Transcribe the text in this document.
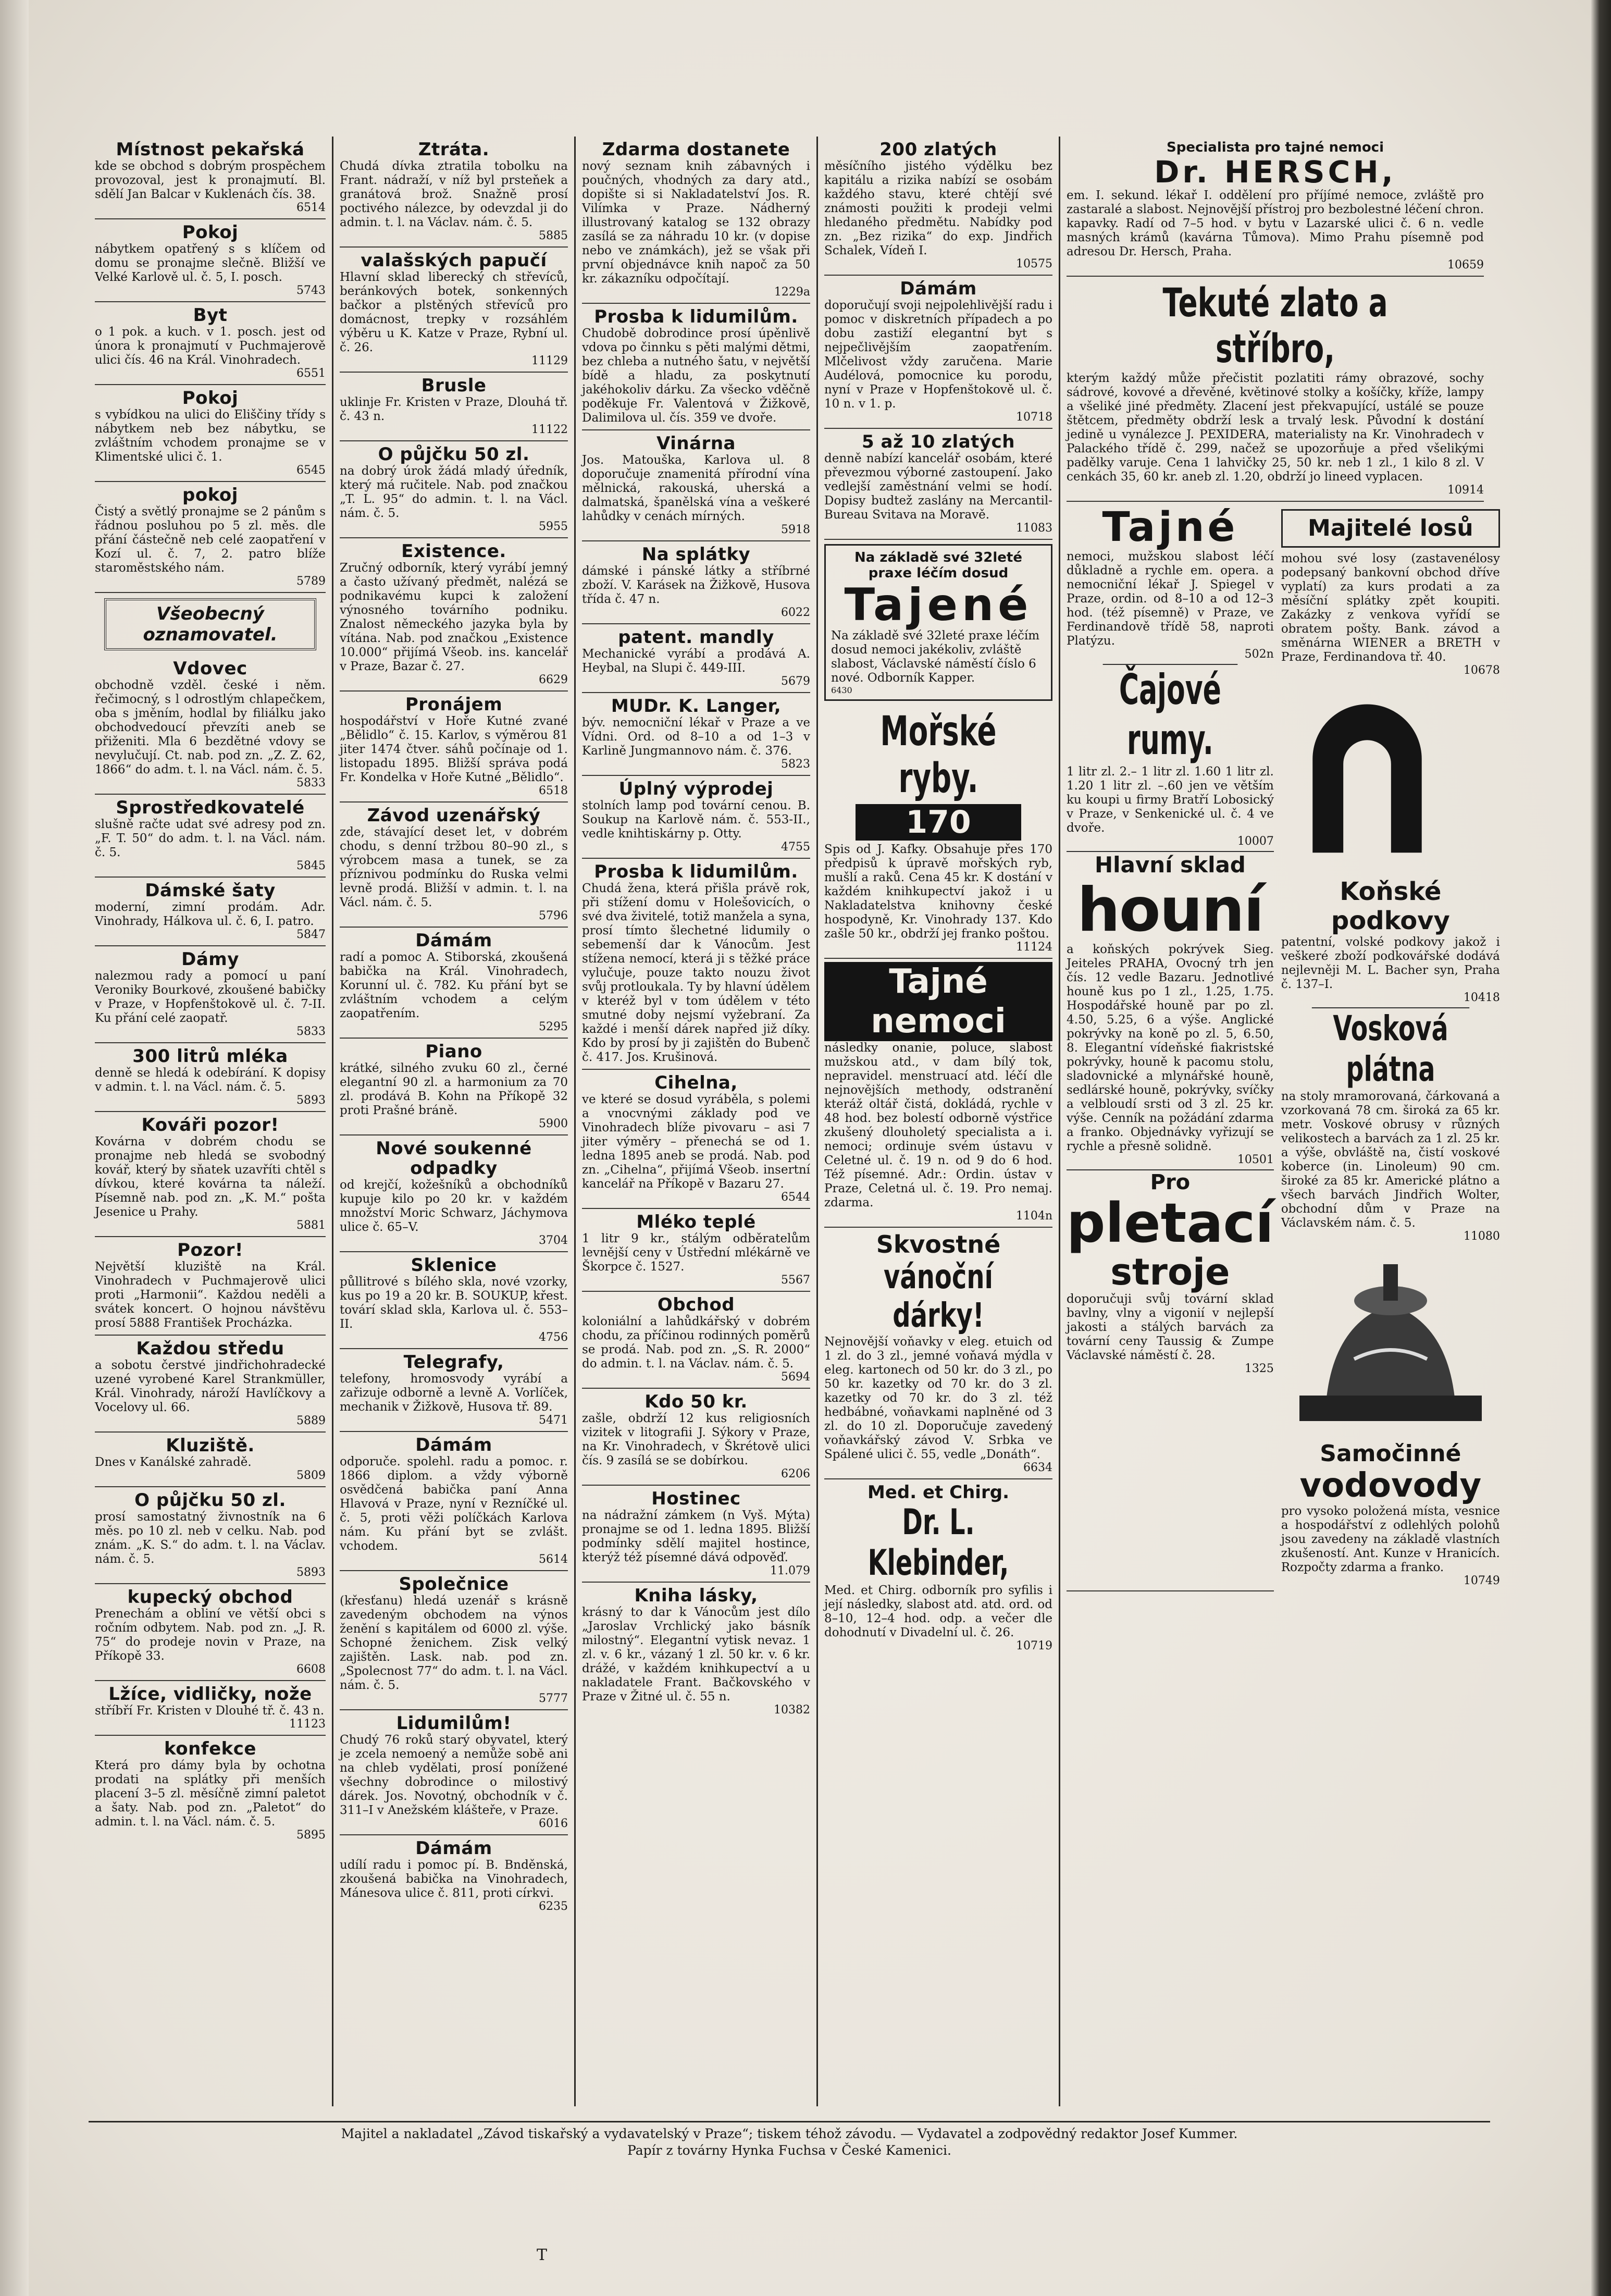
Místnost pekařská

kde se obchod s dobrým prospěchem provozoval, jest k pronajmutí. Bl. sdělí Jan Balcar v Kuklenách čís. 38.

6514
Pokoj

nábytkem opatřený s s klíčem od domu se pronajme slečně. Bližší ve Velké Karlově ul. č. 5, I. posch.

5743
Byt

o 1 pok. a kuch. v 1. posch. jest od února k pronajmutí v Puchmajerově ulici čís. 46 na Král. Vinohradech.

6551
Pokoj

s vybídkou na ulici do Eliščiny třídy s nábytkem neb bez nábytku, se zvláštním vchodem pronajme se v Klimentské ulici č. 1.

6545
pokoj

Čistý a světlý pronajme se 2 pánům s řádnou posluhou po 5 zl. měs. dle přání částečně neb celé zaopatření v Kozí ul. č. 7, 2. patro blíže staroměstského nám.

5789
Všeobecný oznamovatel.
Vdovec

obchodně vzděl. české i něm. řečimocný, s l odrostlým chlapečkem, oba s jměním, hodlal by filiálku jako obchodvedoucí převzíti aneb se přiženiti. Mla 6 bezdětné vdovy se nevylučují. Ct. nab. pod zn. „Z. Z. 62, 1866“ do adm. t. l. na Václ. nám. č. 5.

5833
Sprostředkovatelé

slušně račte udat své adresy pod zn. „F. T. 50“ do adm. t. l. na Václ. nám. č. 5.

5845
Dámské šaty

moderní, zimní prodám. Adr. Vinohrady, Hálkova ul. č. 6, I. patro.

5847
Dámy

nalezmou rady a pomocí u paní Veroniky Bourkové, zkoušené babičky v Praze, v Hopfenštokově ul. č. 7-II. Ku přání celé zaopatř.

5833
300 litrů mléka

denně se hledá k odebírání. K dopisy v admin. t. l. na Václ. nám. č. 5.

5893
Kováři pozor!

Kovárna v dobrém chodu se pronajme neb hledá se svobodný kovář, který by sňatek uzavříti chtěl s dívkou, které kovárna ta náleží. Písemně nab. pod zn. „K. M.“ pošta Jesenice u Prahy.

5881
Pozor!

Největší kluziště na Král. Vinohradech v Puchmajerově ulici proti „Harmonii“. Každou neděli a svátek koncert. O hojnou návštěvu prosí 5888 František Procházka.

Každou středu

a sobotu čerstvé jindřichohradecké uzené vyrobené Karel Strankmüller, Král. Vinohrady, nároží Havlíčkovy a Vocelovy ul. 66.

5889
Kluziště.

Dnes v Kanálské zahradě.

5809
O půjčku 50 zl.

prosí samostatný živnostník na 6 měs. po 10 zl. neb v celku. Nab. pod znám. „K. S.“ do adm. t. l. na Václav. nám. č. 5.

5893
kupecký obchod

Prenechám a obliní ve větší obci s ročním odbytem. Nab. pod zn. „J. R. 75“ do prodeje novin v Praze, na Příkopě 33.

6608
Lžíce, vidličky, nože

stříbří Fr. Kristen v Dlouhé tř. č. 43 n.

11123
konfekce

Která pro dámy byla by ochotna prodati na splátky při menších placení 3–5 zl. měsíčně zimní paletot a šaty. Nab. pod zn. „Paletot“ do admin. t. l. na Václ. nám. č. 5.

5895
Ztráta.

Chudá dívka ztratila tobolku na Frant. nádraží, v níž byl prsteňek a granátová brož. Snažně prosí poctivého nálezce, by odevzdal ji do admin. t. l. na Václav. nám. č. 5.

5885
valašských papučí

Hlavní sklad liberecký ch střevíců, beránkových botek, sonkenných bačkor a plstěných střevíců pro domácnost, trepky v rozsáhlém výběru u K. Katze v Praze, Rybní ul. č. 26.

11129
Brusle

uklinje Fr. Kristen v Praze, Dlouhá tř. č. 43 n.

11122
O půjčku 50 zl.

na dobrý úrok žádá mladý úředník, který má ručitele. Nab. pod značkou „T. L. 95“ do admin. t. l. na Václ. nám. č. 5.

5955
Existence.

Zručný odborník, který vyrábí jemný a často užívaný předmět, nalézá se podnikavému kupci k založení výnosného továrního podniku. Znalost německého jazyka byla by vítána. Nab. pod značkou „Existence 10.000“ přijímá Všeob. ins. kancelář v Praze, Bazar č. 27.

6629
Pronájem

hospodářství v Hoře Kutné zvané „Bělidlo“ č. 15. Karlov, s výměrou 81 jiter 1474 čtver. sáhů počínaje od 1. listopadu 1895. Bližší správa podá Fr. Kondelka v Hoře Kutné „Bělidlo“.

6518
Závod uzenářský

zde, stávající deset let, v dobrém chodu, s denní tržbou 80–90 zl., s výrobcem masa a tunek, se za příznivou podmínku do Ruska velmi levně prodá. Bližší v admin. t. l. na Václ. nám. č. 5.

5796
Dámám

radí a pomoc A. Stiborská, zkoušená babička na Král. Vinohradech, Korunní ul. č. 782. Ku přání byt se zvláštním vchodem a celým zaopatřením.

5295
Piano

krátké, silného zvuku 60 zl., černé elegantní 90 zl. a harmonium za 70 zl. prodává B. Kohn na Příkopě 32 proti Prašné bráně.

5900
Nové soukenné odpadky

od krejčí, kožešníků a obchodníků kupuje kilo po 20 kr. v každém množství Moric Schwarz, Jáchymova ulice č. 65–V.

3704
Sklenice

půllitrové s bílého skla, nové vzorky, kus po 19 a 20 kr. B. SOUKUP, křest. továrí sklad skla, Karlova ul. č. 553–II.

4756
Telegrafy,

telefony, hromosvody vyrábí a zařizuje odborně a levně A. Vorlíček, mechanik v Žižkově, Husova tř. 89.

5471
Dámám

odporuče. spolehl. radu a pomoc. r. 1866 diplom. a vždy výborně osvědčená babička paní Anna Hlavová v Praze, nyní v Rezníčké ul. č. 5, proti věži políčkách Karlova nám. Ku přání byt se zvlášt. vchodem.

5614
Společnice

(křesťanu) hledá uzenář s krásně zavedeným obchodem na výnos ženění s kapitálem od 6000 zl. výše. Schopné ženichem. Zisk velký zajištěn. Lask. nab. pod zn. „Spolecnost 77“ do adm. t. l. na Václ. nám. č. 5.

5777
Lidumilům!

Chudý 76 roků starý obyvatel, který je zcela nemoený a nemůže sobě ani na chleb vydělati, prosí ponížené všechny dobrodince o milostivý dárek. Jos. Novotný, obchodník v č. 311–I v Anežském klášteře, v Praze.

6016
Dámám

udílí radu i pomoc pí. B. Bnděnská, zkoušená babička na Vinohradech, Mánesova ulice č. 811, proti církvi.

6235
Zdarma dostanete

nový seznam knih zábavných i poučných, vhodných za dary atd., dopište si si Nakladatelství Jos. R. Vilímka v Praze. Nádherný illustrovaný katalog se 132 obrazy zasílá se za náhradu 10 kr. (v dopise nebo ve známkách), jež se však při první objednávce knih napoč za 50 kr. zákazníku odpočítají.

1229a
Prosba k lidumilům.

Chudobě dobrodince prosí úpěnlivě vdova po činnku s pěti malými dětmi, bez chleba a nutného šatu, v největší bídě a hladu, za poskytnutí jakéhokoliv dárku. Za všecko vděčně poděkuje Fr. Valentová v Žižkově, Dalimilova ul. čís. 359 ve dvoře.

Vinárna

Jos. Matouška, Karlova ul. 8 doporučuje znamenitá přírodní vína mělnická, rakouská, uherská a dalmatská, španělská vína a veškeré lahůdky v cenách mírných.

5918
Na splátky

dámské i pánské látky a stříbrné zboží. V. Karásek na Žižkově, Husova třída č. 47 n.

6022
patent. mandly

Mechanické vyrábí a prodává A. Heybal, na Slupi č. 449-III.

5679
MUDr. K. Langer,

býv. nemocniční lékař v Praze a ve Vídni. Ord. od 8–10 a od 1–3 v Karlině Jungmannovo nám. č. 376.

5823
Úplný výprodej

stolních lamp pod tovární cenou. B. Soukup na Karlově nám. č. 553-II., vedle knihtiskárny p. Otty.

4755
Prosba k lidumilům.

Chudá žena, která přišla právě rok, při stížení domu v Holešovicích, o své dva živitelé, totiž manžela a syna, prosí tímto šlechetné lidumily o sebemenší dar k Vánocům. Jest stížena nemocí, která ji s těžké práce vylučuje, pouze takto nouzu život svůj protloukala. Ty by hlavní údělem v kteréž byl v tom údělem v této smutné doby nejsmí vyžebraní. Za každé i menší dárek napřed již díky. Kdo by prosí by ji zajištěn do Bubenč č. 417. Jos. Krušinová.

Cihelna,

ve které se dosud vyráběla, s polemi a vnocvnými základy pod ve Vinohradech blíže pivovaru – asi 7 jiter výměry – přenechá se od 1. ledna 1895 aneb se prodá. Nab. pod zn. „Cihelna“, přijímá Všeob. insertní kancelář na Příkopě v Bazaru 27.

6544
Mléko teplé

1 litr 9 kr., stálým odběratelům levnější ceny v Ústřední mlékárně ve Škorpce č. 1527.

5567
Obchod

koloniální a lahůdkářský v dobrém chodu, za příčinou rodinných poměrů se prodá. Nab. pod zn. „S. R. 2000“ do admin. t. l. na Václav. nám. č. 5.

5694
Kdo 50 kr.

zašle, obdrží 12 kus religiosních vizitek v litografii J. Sýkory v Praze, na Kr. Vinohradech, v Škrétově ulici čís. 9 zasílá se se dobírkou.

6206
Hostinec

na nádražní zámkem (n Vyš. Mýta) pronajme se od 1. ledna 1895. Bližší podmínky sdělí majitel hostince, kterýž též písemné dává odpověď.

11.079
Kniha lásky,

krásný to dar k Vánocům jest dílo „Jaroslav Vrchlický jako básník milostný“. Elegantní vytisk nevaz. 1 zl. v. 6 kr., vázaný 1 zl. 50 kr. v. 6 kr. drážé, v každém knihkupectví a u nakladatele Frant. Bačkovského v Praze v Žitné ul. č. 55 n.

10382
200 zlatých

měsíčního jistého výdělku bez kapitálu a rizika nabízí se osobám každého stavu, které chtějí své známosti použiti k prodeji velmi hledaného předmětu. Nabídky pod zn. „Bez rizika“ do exp. Jindřich Schalek, Vídeň I.

10575
Dámám

doporučují svoji nejpolehlivější radu i pomoc v diskretních případech a po dobu zastiží elegantní byt s nejpečlivějším zaopatřením. Mlčelivost vždy zaručena. Marie Audélová, pomocnice ku porodu, nyní v Praze v Hopfenštokově ul. č. 10 n. v 1. p.

10718
5 až 10 zlatých

denně nabízí kancelář osobám, které převezmou výborné zastoupení. Jako vedlejší zaměstnání velmi se hodí. Dopisy budtež zaslány na Mercantil-Bureau Svitava na Moravě.

11083
Na základě své 32leté praxe léčím dosud
Tajené

Na základě své 32leté praxe léčím dosud nemoci jakékoliv, zvláště slabost, Václavské náměstí číslo 6 nové. Odborník Kapper.

6430
Mořské ryby.
170

Spis od J. Kafky. Obsahuje přes 170 předpisů k úpravě mořských ryb, mušlí a raků. Cena 45 kr. K dostání v každém knihkupectví jakož i u Nakladatelstva knihovny české hospodyně, Kr. Vinohrady 137. Kdo zašle 50 kr., obdrží jej franko poštou.

11124
Tajné nemoci

následky onanie, poluce, slabost mužskou atd., v dam bílý tok, nepravidel. menstruací atd. léčí dle nejnovějších methody, odstranění kteráž oltář čistá, dokládá, rychle v 48 hod. bez bolestí odborně výstřice zkušený dlouholetý specialista a i. nemoci; ordinuje svém ústavu v Celetné ul. č. 19 n. od 9 do 6 hod. Též písemné. Adr.: Ordin. ústav v Praze, Celetná ul. č. 19. Pro nemaj. zdarma.

1104n
Skvostné
vánoční dárky!

Nejnovější voňavky v eleg. etuich od 1 zl. do 3 zl., jemné voňavá mýdla v eleg. kartonech od 50 kr. do 3 zl., po 50 kr. kazetky od 70 kr. do 3 zl. kazetky od 70 kr. do 3 zl. též hedbábné, voňavkami naplněné od 3 zl. do 10 zl. Doporučuje zavedený voňavkářský závod V. Srbka ve Spálené ulici č. 55, vedle „Donáth“.

6634
Med. et Chirg.
Dr. L. Klebinder,

Med. et Chirg. odborník pro syfilis i její následky, slabost atd. atd. ord. od 8–10, 12–4 hod. odp. a večer dle dohodnutí v Divadelní ul. č. 26.

10719
Specialista pro tajné nemoci
Dr. HERSCH,

em. I. sekund. lékař I. oddělení pro příjímé nemoce, zvláště pro zastaralé a slabost. Nejnovější přístroj pro bezbolestné léčení chron. kapavky. Radí od 7–5 hod. v bytu v Lazarské ulici č. 6 n. vedle masných krámů (kavárna Tůmova). Mimo Prahu písemně pod adresou Dr. Hersch, Praha.

10659
Tekuté zlato a stříbro,

kterým každý může přečistit pozlatiti rámy obrazové, sochy sádrové, kovové a dřevěné, květinové stolky a košíčky, kříže, lampy a všeliké jiné předměty. Zlacení jest překvapující, ustálé se pouze štětcem, předměty obdrží lesk a trvalý lesk. Původní k dostání jedině u vynálezce J. PEXIDERA, materialisty na Kr. Vinohradech v Palackého třídě č. 299, načež se upozorňuje a před všelikými padělky varuje. Cena 1 lahvičky 25, 50 kr. neb 1 zl., 1 kilo 8 zl. V cenkách 35, 60 kr. aneb zl. 1.20, obdrží jo lineed vyplacen.

10914
Tajné

nemoci, mužskou slabost léčí důkladně a rychle em. opera. a nemocniční lékař J. Spiegel v Praze, ordin. od 8–10 a od 12–3 hod. (též písemně) v Praze, ve Ferdinandově třídě 58, naproti Platýzu.

502n
Čajové rumy.

1 litr zl. 2.– 1 litr zl. 1.60 1 litr zl. 1.20 1 litr zl. –.60 jen ve větším ku koupi u firmy Bratří Lobosický v Praze, v Senkenické ul. č. 4 ve dvoře.

10007
Hlavní sklad
houní

a koňských pokrývek Sieg. Jeiteles PRAHA, Ovocný trh jen čís. 12 vedle Bazaru. Jednotlivé houně kus po 1 zl., 1.25, 1.75. Hospodářské houně par po zl. 4.50, 5.25, 6 a výše. Anglické pokrývky na koně po zl. 5, 6.50, 8. Elegantní vídeňské fiakristské pokrývky, houně k pacomu stolu, sladovnické a mlynářské houně, sedlárské houně, pokrývky, svíčky a velbloudí srsti od 3 zl. 25 kr. výše. Cenník na požádání zdarma a franko. Objednávky vyřizují se rychle a přesně solidně.

10501
Pro
pletací
stroje

doporučuji svůj tovární sklad bavlny, vlny a vigonií v nejlepší jakosti a stálých barvách za tovární ceny Taussig & Zumpe Václavské náměstí č. 28.

1325
Majitelé losů

mohou své losy (zastavenélosy podepsaný bankovní obchod dříve vyplatí) za kurs prodati a za měsíční splátky zpět koupiti. Zakázky z venkova vyřídí se obratem pošty. Bank. závod a směnárna WIENER a BRETH v Praze, Ferdinandova tř. 40.

10678
Koňské podkovy

patentní, volské podkovy jakož i veškeré zboží podkovářské dodává nejlevněji M. L. Bacher syn, Praha č. 137–I.

10418
Vosková plátna

na stoly mramorovaná, čárkovaná a vzorkovaná 78 cm. široká za 65 kr. metr. Voskové obrusy v různých velikostech a barvách za 1 zl. 25 kr. a výše, obvláště na, čistí voskové koberce (in. Linoleum) 90 cm. široké za 85 kr. Americké plátno a všech barvách Jindřich Wolter, obchodní dům v Praze na Václavském nám. č. 5.

11080
Samočinné
vodovody

pro vysoko položená místa, vesnice a hospodářství z odlehlých polohů jsou zavedeny na základě vlastních zkušeností. Ant. Kunze v Hranicích. Rozpočty zdarma a franko.

10749
Majitel a nakladatel „Závod tiskařský a vydavatelský v Praze“; tiskem téhož závodu. — Vydavatel a zodpovědný redaktor Josef Kummer.
Papír z továrny Hynka Fuchsa v České Kamenici.
T
